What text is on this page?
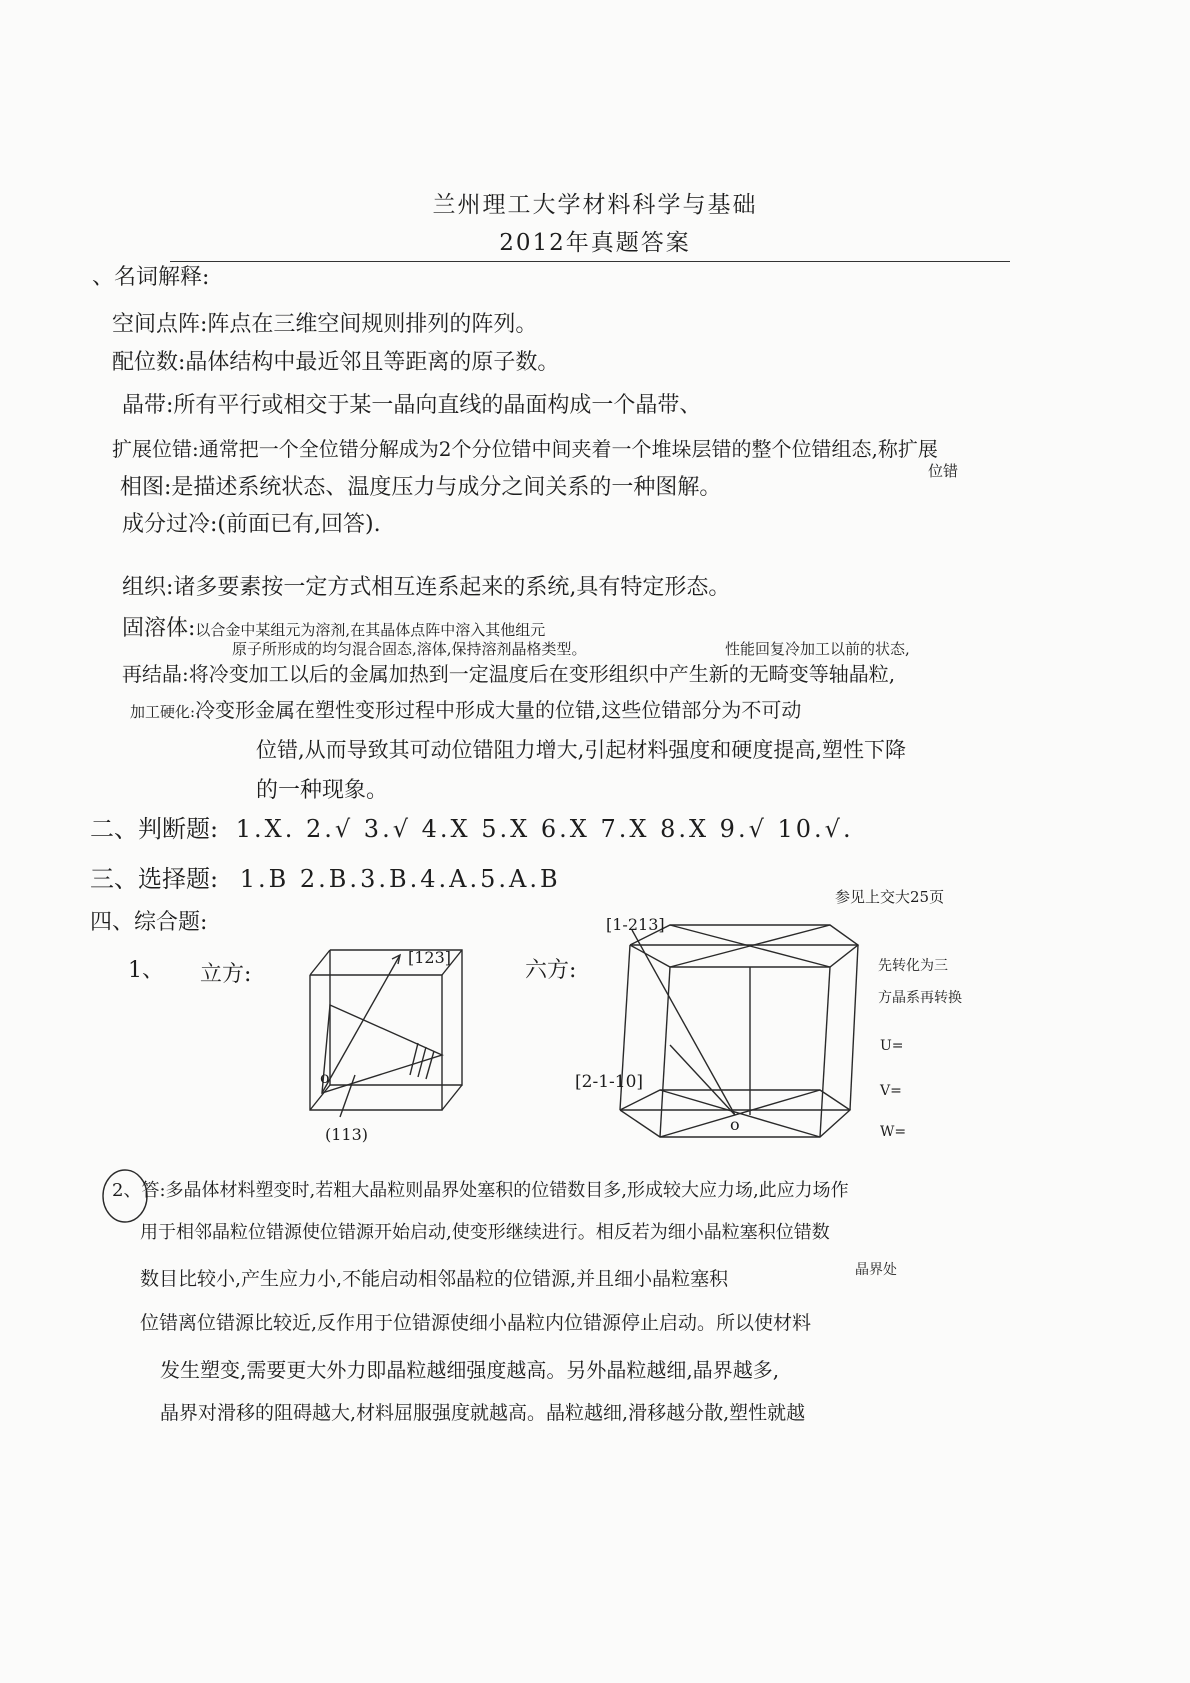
兰州理工大学材料科学与基础
2012年真题答案
、名词解释:
空间点阵:阵点在三维空间规则排列的阵列。
配位数:晶体结构中最近邻且等距离的原子数。
晶带:所有平行或相交于某一晶向直线的晶面构成一个晶带、
扩展位错:通常把一个全位错分解成为2个分位错中间夹着一个堆垛层错的整个位错组态,称扩展
位错
相图:是描述系统状态、温度压力与成分之间关系的一种图解。
成分过冷:(前面已有,回答).
组织:诸多要素按一定方式相互连系起来的系统,具有特定形态。
固溶体:以合金中某组元为溶剂,在其晶体点阵中溶入其他组元
原子所形成的均匀混合固态,溶体,保持溶剂晶格类型。	性能回复冷加工以前的状态,
再结晶:将冷变加工以后的金属加热到一定温度后在变形组织中产生新的无畸变等轴晶粒,
加工硬化:冷变形金属在塑性变形过程中形成大量的位错,这些位错部分为不可动
位错,从而导致其可动位错阻力增大,引起材料强度和硬度提高,塑性下降
的一种现象。
二、判断题: 1.X. 2.√ 3.√ 4.X 5.X 6.X 7.X 8.X 9.√ 10.√.
三、选择题: 1.B 2.B.3.B.4.A.5.A.B
四、综合题:
参见上交大25页
1、 立方:
[123]
(113)
o
六方:
[1-213]
[2-1-10]
o
先转化为三
方晶系再转换
U=
V=
W=
2、答:多晶体材料塑变时,若粗大晶粒则晶界处塞积的位错数目多,形成较大应力场,此应力场作
用于相邻晶粒位错源使位错源开始启动,使变形继续进行。相反若为细小晶粒塞积位错数
数目比较小,产生应力小,不能启动相邻晶粒的位错源,并且细小晶粒塞积	晶界处
位错离位错源比较近,反作用于位错源使细小晶粒内位错源停止启动。所以使材料
发生塑变,需要更大外力即晶粒越细强度越高。另外晶粒越细,晶界越多,
晶界对滑移的阻碍越大,材料屈服强度就越高。晶粒越细,滑移越分散,塑性就越
